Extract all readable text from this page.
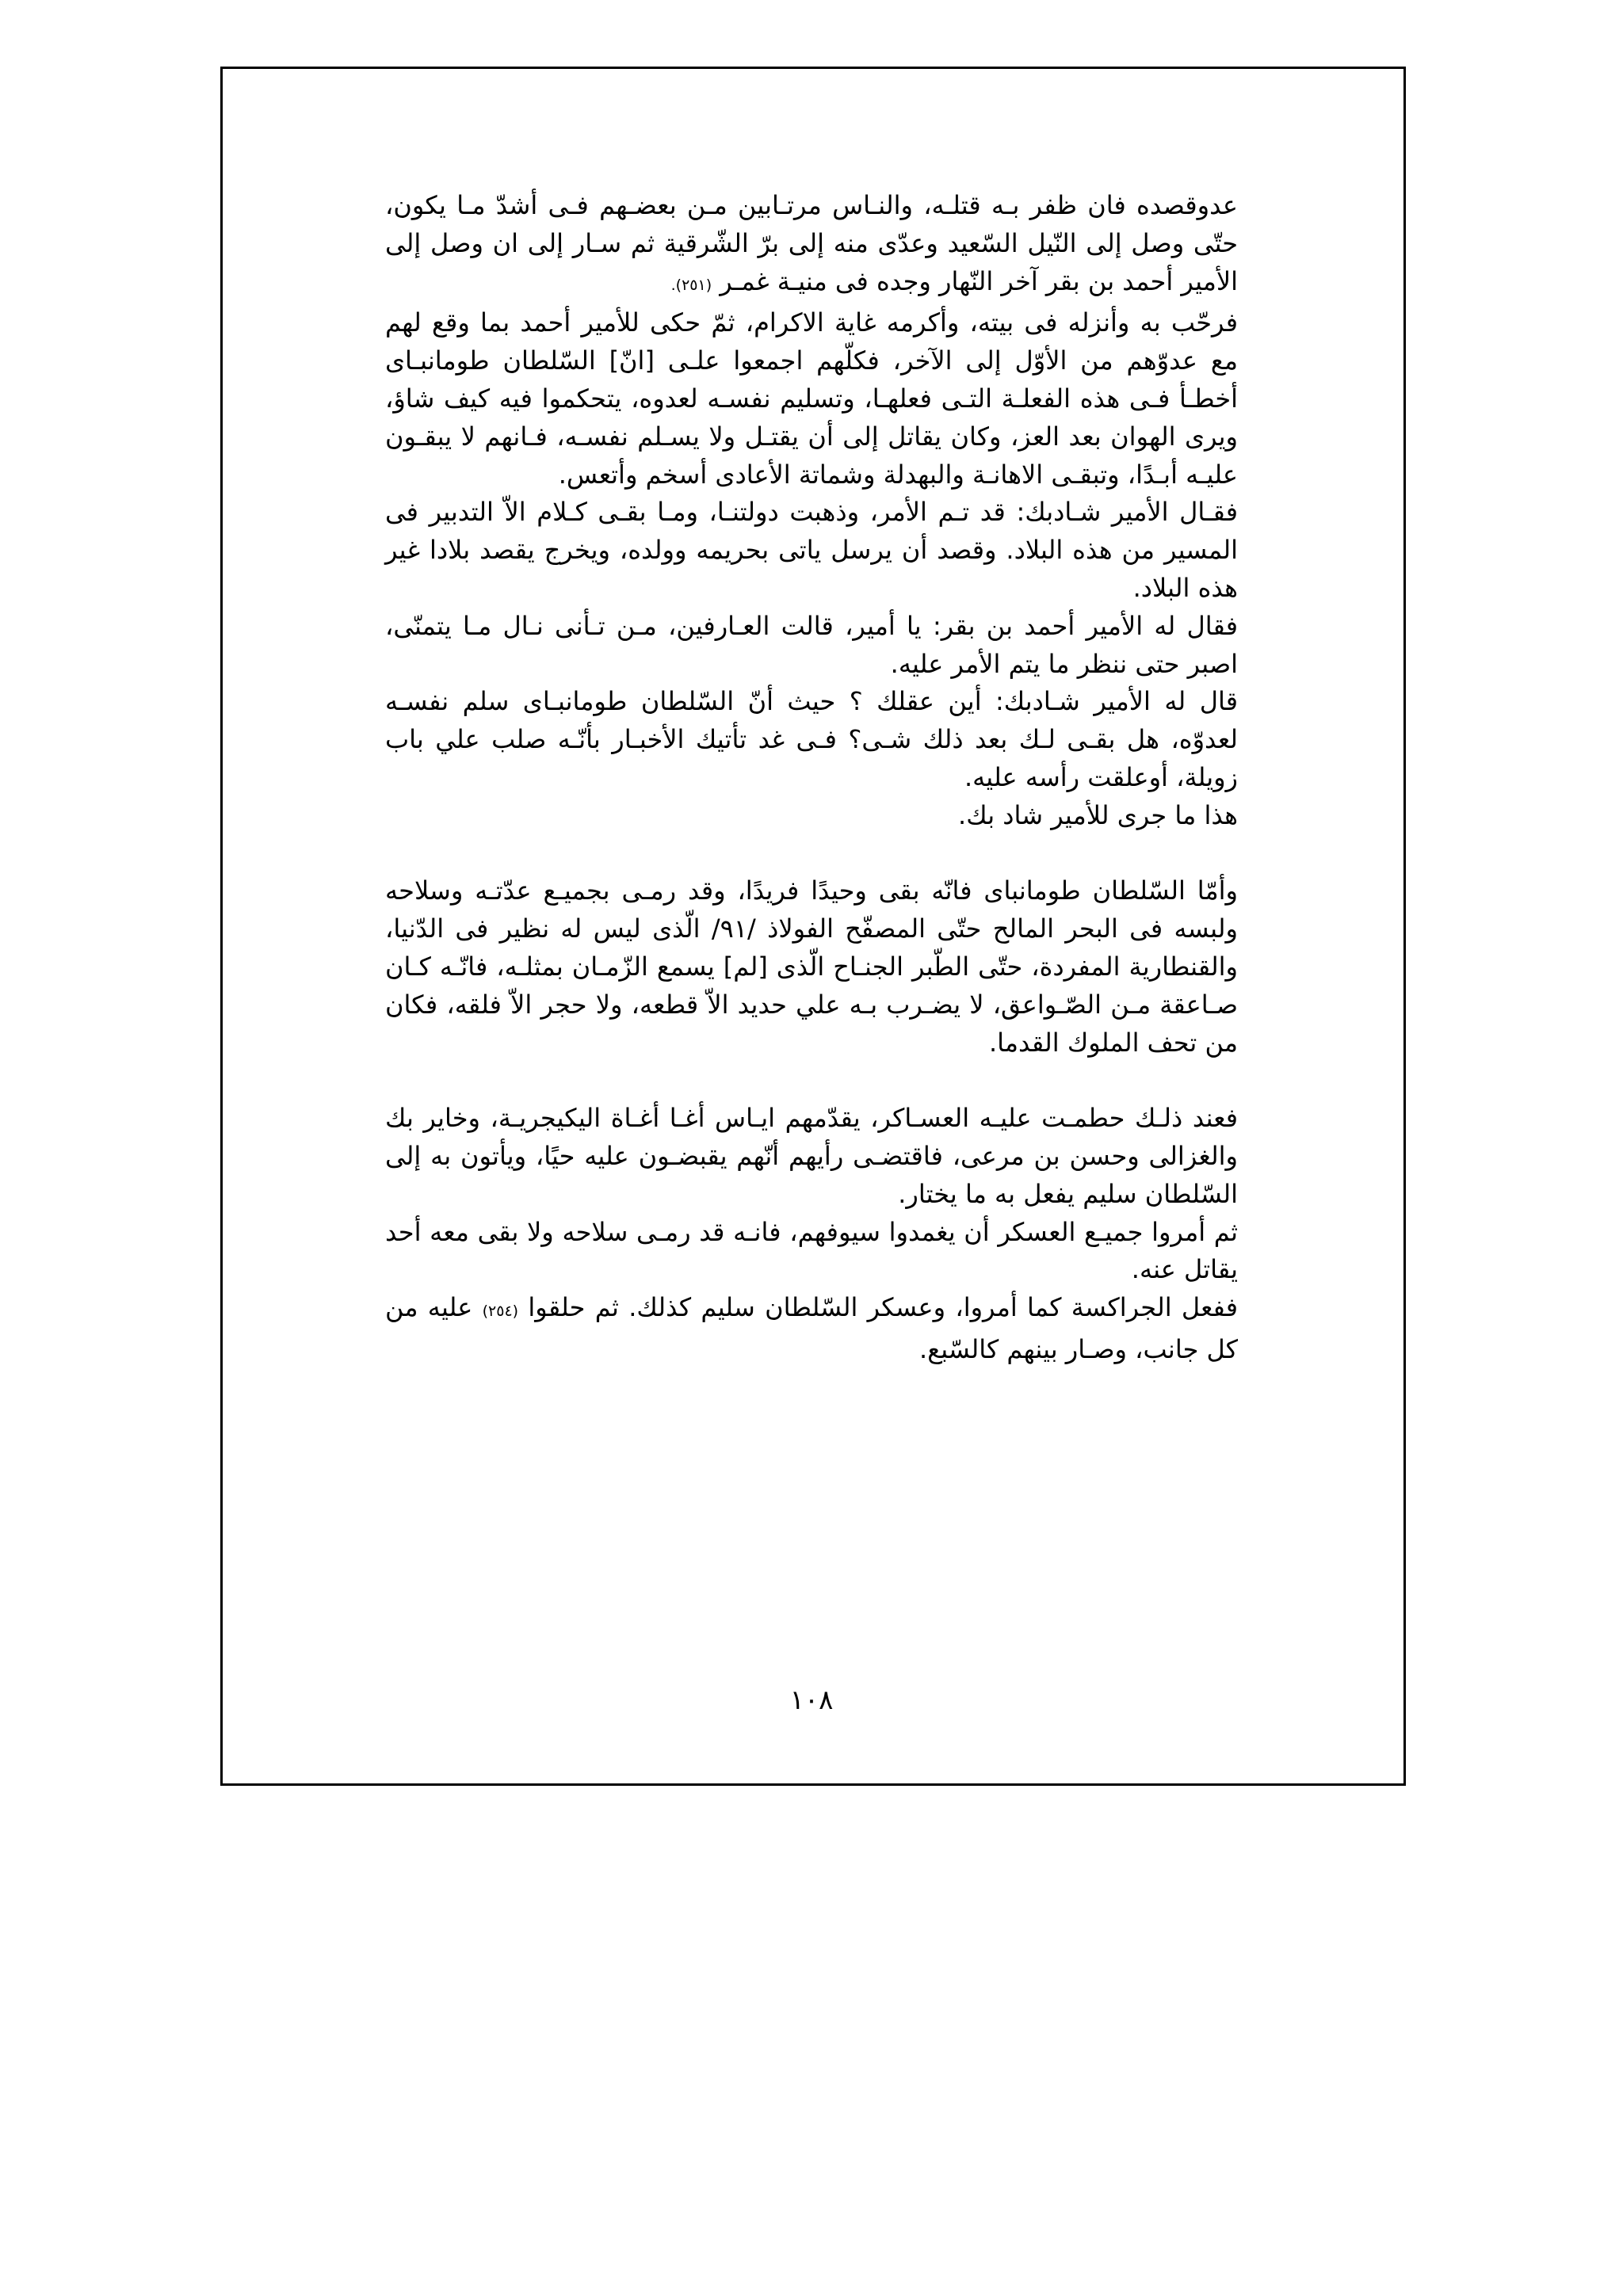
عدوقصده فان ظفر بـه قتلـه، والنـاس مرتـابين مـن بعضـهم فـى أشدّ مـا يكون، حتّى وصل إلى النّيل السّعيد وعدّى منه إلى برّ الشّرقية ثم سـار إلى ان وصل إلى الأمير أحمد بن بقر آخر النّهار وجده فى منيـة غمـر (٢٥١).

فرحّب به وأنزله فى بيته، وأكرمه غاية الاكرام، ثمّ حكى للأمير أحمد بما وقع لهم مع عدوّهم من الأوّل إلى الآخر، فكلّهم اجمعوا علـى [انّ] السّلطان طومانبـاى أخطـأ فـى هذه الفعلـة التـى فعلهـا، وتسليم نفسـه لعدوه، يتحكموا فيه كيف شاؤ، ويرى الهوان بعد العز، وكان يقاتل إلى أن يقتـل ولا يسـلم نفسـه، فـانهم لا يبقـون عليـه أبـدًا، وتبقـى الاهانـة والبهدلة وشماتة الأعادى أسخم وأتعس.

فقـال الأمير شـادبك: قد تـم الأمر، وذهبت دولتنـا، ومـا بقـى كـلام الاّ التدبير فى المسير من هذه البلاد. وقصد أن يرسل ياتى بحريمه وولده، ويخرج يقصد بلادا غير هذه البلاد.

فقال له الأمير أحمد بن بقر: يا أمير، قالت العـارفين، مـن تـأنى نـال مـا يتمنّى، اصبر حتى ننظر ما يتم الأمر عليه.

قال له الأمير شـادبك: أين عقلك ؟ حيث أنّ السّلطان طومانبـاى سلم نفسـه لعدوّه، هل بقـى لـك بعد ذلك شـى؟ فـى غد تأتيك الأخبـار بأنّـه صلب علي باب زويلة، أوعلقت رأسه عليه.

هذا ما جرى للأمير شاد بك.

وأمّا السّلطان طومانباى فانّه بقى وحيدًا فريدًا، وقد رمـى بجميـع عدّتـه وسلاحه ولبسه فى البحر المالح حتّى المصفّح الفولاذ /٩١/ الّذى ليس له نظير فى الدّنيا، والقنطارية المفردة، حتّى الطّبر الجنـاح الّذى [لم] يسمع الزّمـان بمثلـه، فانّـه كـان صـاعقة مـن الصّـواعق، لا يضـرب بـه علي حديد الاّ قطعه، ولا حجر الاّ فلقه، فكان من تحف الملوك القدما.

فعند ذلـك حطمـت عليـه العسـاكر، يقدّمهم ايـاس أغـا أغـاة اليكيجريـة، وخاير بك والغزالى وحسن بن مرعى، فاقتضـى رأيهم أنّهم يقبضـون عليه حيًا، ويأتون به إلى السّلطان سليم يفعل به ما يختار.

ثم أمروا جميـع العسكر أن يغمدوا سيوفهم، فانـه قد رمـى سلاحه ولا بقى معه أحد يقاتل عنه.

ففعل الجراكسة كما أمروا، وعسكر السّلطان سليم كذلك. ثم حلقوا (٢٥٤) عليه من كل جانب، وصـار بينهم كالسّبع.

١٠٨
